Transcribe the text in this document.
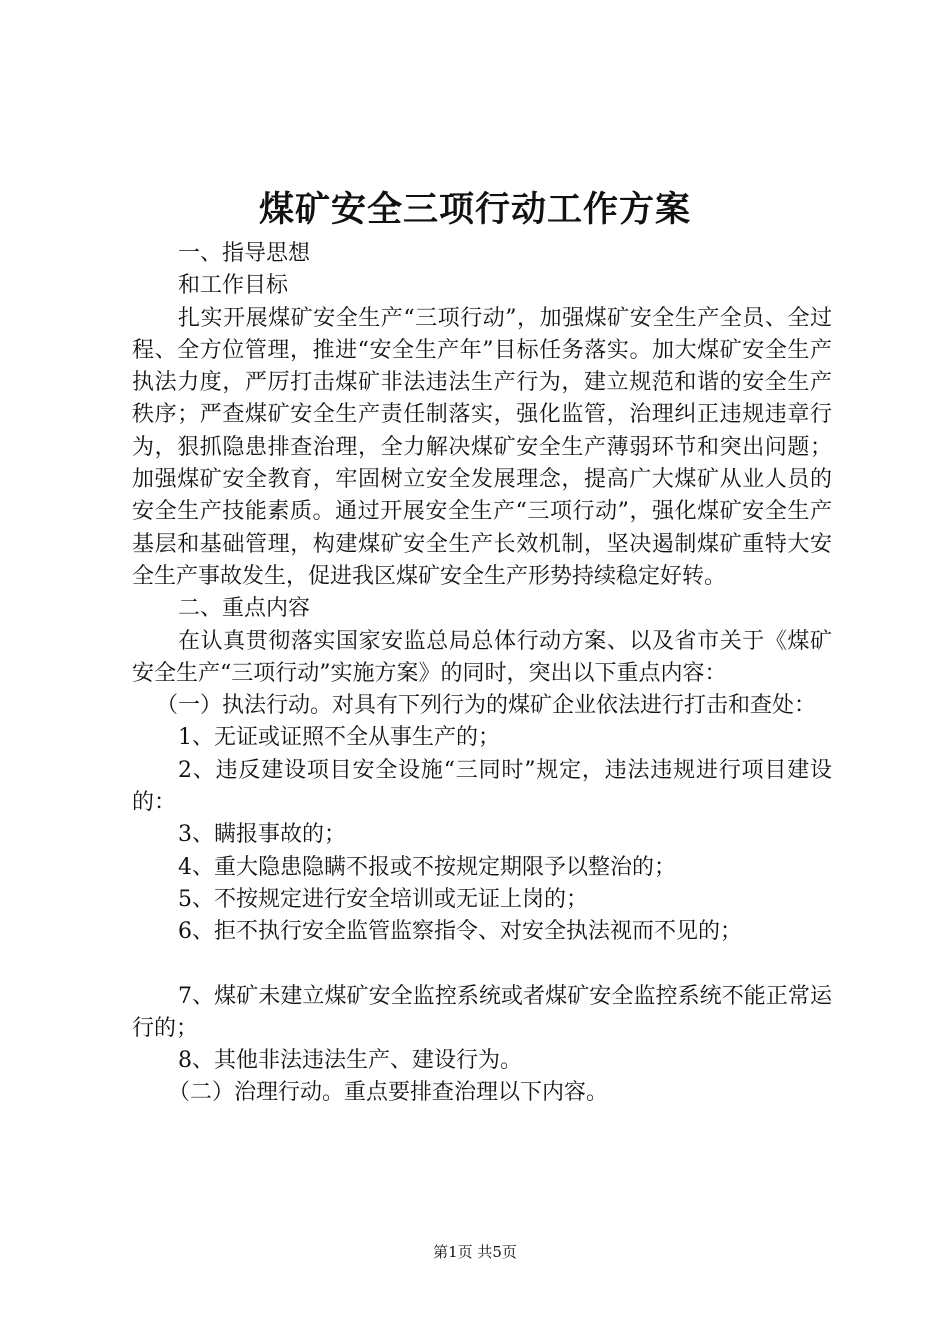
煤矿安全三项行动工作方案

一、指导思想

和工作目标

扎实开展煤矿安全生产“三项行动”，加强煤矿安全生产全员、全过程、全方位管理，推进“安全生产年”目标任务落实。加大煤矿安全生产执法力度，严厉打击煤矿非法违法生产行为，建立规范和谐的安全生产秩序；严查煤矿安全生产责任制落实，强化监管，治理纠正违规违章行为，狠抓隐患排查治理，全力解决煤矿安全生产薄弱环节和突出问题；加强煤矿安全教育，牢固树立安全发展理念，提高广大煤矿从业人员的安全生产技能素质。通过开展安全生产“三项行动”，强化煤矿安全生产基层和基础管理，构建煤矿安全生产长效机制，坚决遏制煤矿重特大安全生产事故发生，促进我区煤矿安全生产形势持续稳定好转。

二、重点内容

在认真贯彻落实国家安监总局总体行动方案、以及省市关于《煤矿安全生产“三项行动”实施方案》的同时，突出以下重点内容：

（一）执法行动。对具有下列行为的煤矿企业依法进行打击和查处：

1、无证或证照不全从事生产的；

2、违反建设项目安全设施“三同时”规定，违法违规进行项目建设的：

3、瞒报事故的；

4、重大隐患隐瞒不报或不按规定期限予以整治的；

5、不按规定进行安全培训或无证上岗的；

6、拒不执行安全监管监察指令、对安全执法视而不见的；

7、煤矿未建立煤矿安全监控系统或者煤矿安全监控系统不能正常运行的；

8、其他非法违法生产、建设行为。

（二）治理行动。重点要排查治理以下内容。

第1页 共5页
